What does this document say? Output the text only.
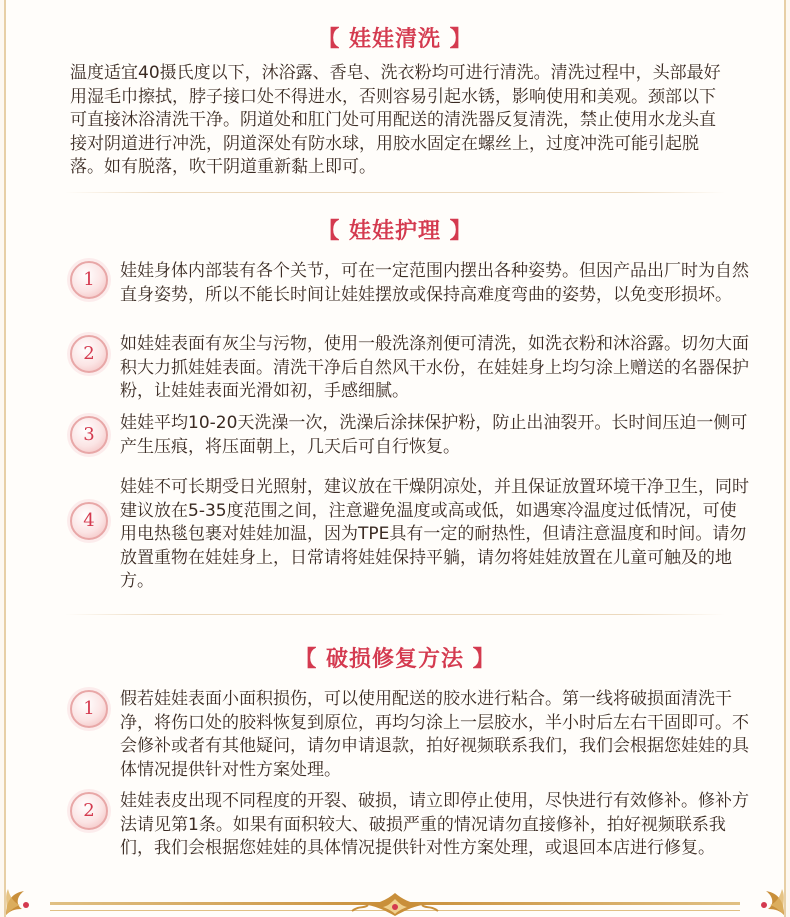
【 娃娃清洗 】
温度适宜40摄氏度以下，沐浴露、香皂、洗衣粉均可进行清洗。清洗过程中，头部最好用湿毛巾擦拭，脖子接口处不得进水，否则容易引起水锈，影响使用和美观。颈部以下可直接沐浴清洗干净。阴道处和肛门处可用配送的清洗器反复清洗，禁止使用水龙头直接对阴道进行冲洗，阴道深处有防水球，用胶水固定在螺丝上，过度冲洗可能引起脱落。如有脱落，吹干阴道重新黏上即可。
【 娃娃护理 】
1	娃娃身体内部装有各个关节，可在一定范围内摆出各种姿势。但因产品出厂时为自然直身姿势，所以不能长时间让娃娃摆放或保持高难度弯曲的姿势，以免变形损坏。
2	如娃娃表面有灰尘与污物，使用一般洗涤剂便可清洗，如洗衣粉和沐浴露。切勿大面积大力抓娃娃表面。清洗干净后自然风干水份，在娃娃身上均匀涂上赠送的名器保护粉，让娃娃表面光滑如初，手感细腻。
3
娃娃平均10-20天洗澡一次，洗澡后涂抹保护粉，防止出油裂开。长时间压迫一侧可产生压痕，将压面朝上，几天后可自行恢复。
4
娃娃不可长期受日光照射，建议放在干燥阴凉处，并且保证放置环境干净卫生，同时建议放在5-35度范围之间，注意避免温度或高或低，如遇寒冷温度过低情况，可使用电热毯包裹对娃娃加温，因为TPE具有一定的耐热性，但请注意温度和时间。请勿放置重物在娃娃身上，日常请将娃娃保持平躺，请勿将娃娃放置在儿童可触及的地方。
【 破损修复方法 】
1	假若娃娃表面小面积损伤，可以使用配送的胶水进行粘合。第一线将破损面清洗干净，将伤口处的胶料恢复到原位，再均匀涂上一层胶水，半小时后左右干固即可。不会修补或者有其他疑问，请勿申请退款，拍好视频联系我们，我们会根据您娃娃的具体情况提供针对性方案处理。
2	娃娃表皮出现不同程度的开裂、破损，请立即停止使用，尽快进行有效修补。修补方法请见第1条。如果有面积较大、破损严重的情况请勿直接修补，拍好视频联系我们，我们会根据您娃娃的具体情况提供针对性方案处理，或退回本店进行修复。
